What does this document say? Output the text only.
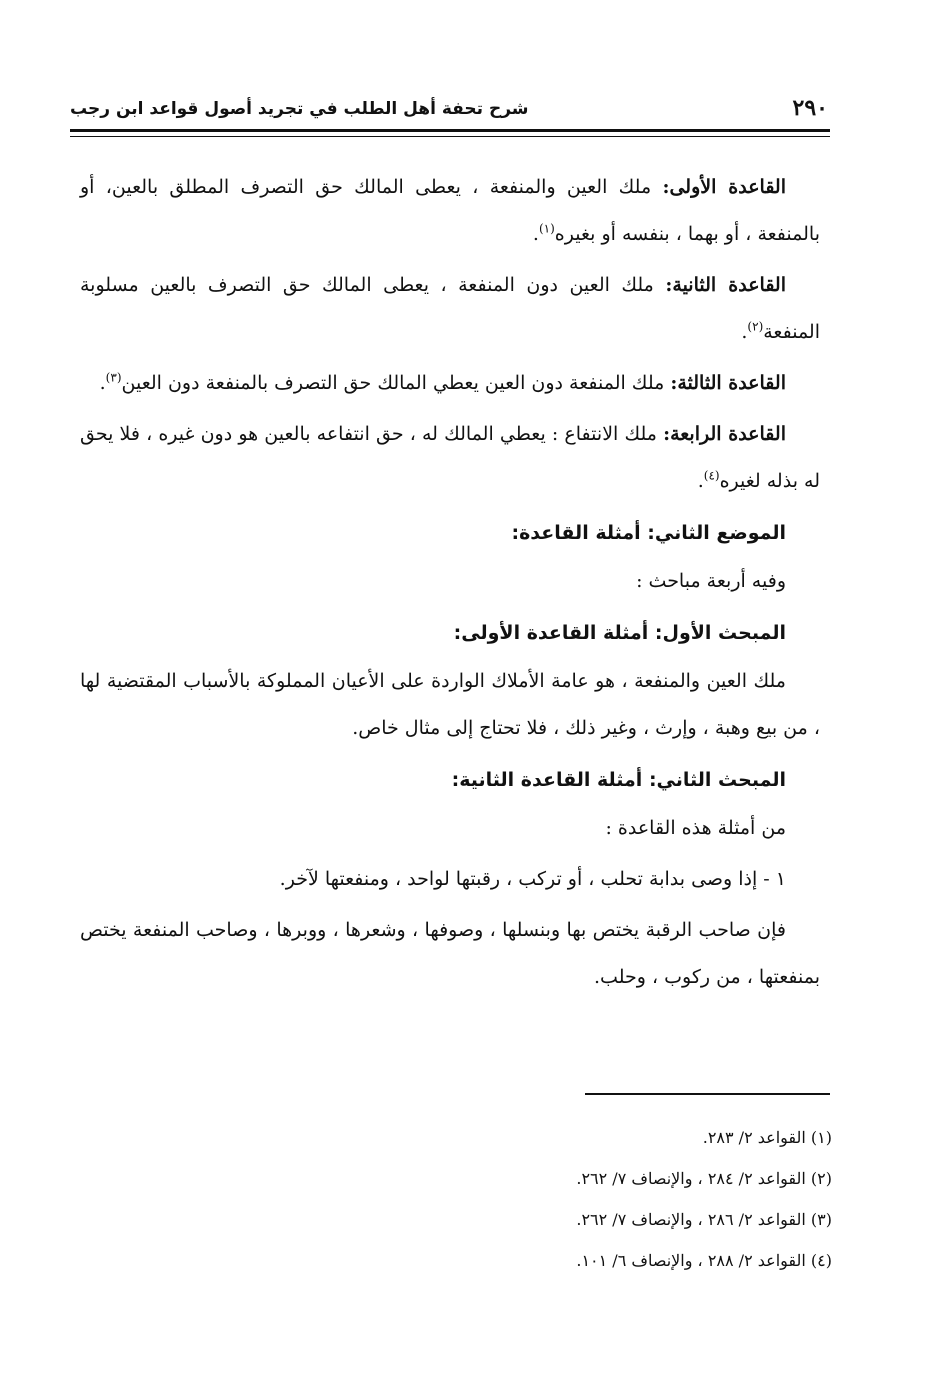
٢٩٠
شرح تحفة أهل الطلب في تجريد أصول قواعد ابن رجب

القاعدة الأولى: ملك العين والمنفعة ، يعطى المالك حق التصرف المطلق بالعين، أو بالمنفعة ، أو بهما ، بنفسه أو بغيره$^{(١)}$.

القاعدة الثانية: ملك العين دون المنفعة ، يعطى المالك حق التصرف بالعين مسلوبة المنفعة$^{(٢)}$.

القاعدة الثالثة: ملك المنفعة دون العين يعطي المالك حق التصرف بالمنفعة دون العين$^{(٣)}$.

القاعدة الرابعة: ملك الانتفاع : يعطي المالك له ، حق انتفاعه بالعين هو دون غيره ، فلا يحق له بذله لغيره$^{(٤)}$.

الموضع الثاني: أمثلة القاعدة:

وفيه أربعة مباحث :

المبحث الأول: أمثلة القاعدة الأولى:

ملك العين والمنفعة ، هو عامة الأملاك الواردة على الأعيان المملوكة بالأسباب المقتضية لها ، من بيع وهبة ، وإرث ، وغير ذلك ، فلا تحتاج إلى مثال خاص.

المبحث الثاني: أمثلة القاعدة الثانية:

من أمثلة هذه القاعدة :

١ - إذا وصى بدابة تحلب ، أو تركب ، رقبتها لواحد ، ومنفعتها لآخر.

فإن صاحب الرقبة يختص بها وبنسلها ، وصوفها ، وشعرها ، ووبرها ، وصاحب المنفعة يختص بمنفعتها ، من ركوب ، وحلب.

(١) القواعد ٢/ ٢٨٣.
(٢) القواعد ٢/ ٢٨٤ ، والإنصاف ٧/ ٢٦٢.
(٣) القواعد ٢/ ٢٨٦ ، والإنصاف ٧/ ٢٦٢.
(٤) القواعد ٢/ ٢٨٨ ، والإنصاف ٦/ ١٠١.
